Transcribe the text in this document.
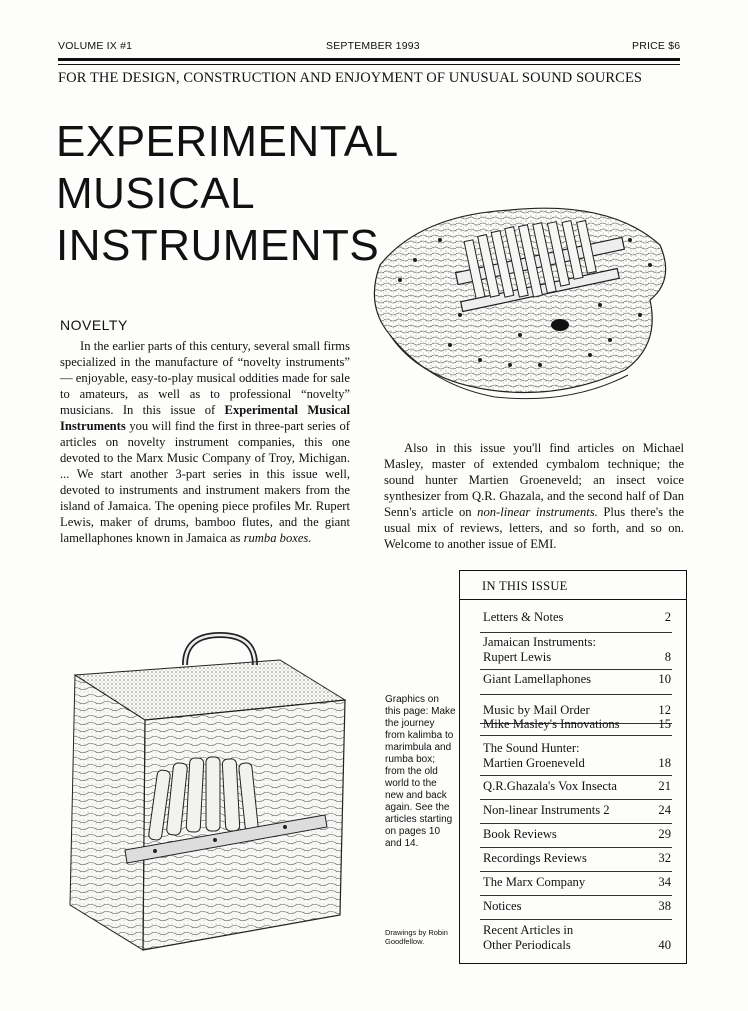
VOLUME IX #1	SEPTEMBER 1993	PRICE $6
FOR THE DESIGN, CONSTRUCTION AND ENJOYMENT OF UNUSUAL SOUND SOURCES
EXPERIMENTAL
MUSICAL
INSTRUMENTS
NOVELTY

In the earlier parts of this century, several small firms specialized in the manufacture of “novelty instruments” — enjoyable, easy-to-play musical oddities made for sale to amateurs, as well as to professional “novelty” musicians. In this issue of Experimental Musical Instruments you will find the first in three-part series of articles on novelty instrument companies, this one devoted to the Marx Music Company of Troy, Michigan. ... We start another 3-part series in this issue well, devoted to instruments and instrument makers from the island of Jamaica. The opening piece profiles Mr. Rupert Lewis, maker of drums, bamboo flutes, and the giant lamellaphones known in Jamaica as rumba boxes.

Also in this issue you'll find articles on Michael Masley, master of extended cymbalom technique; the sound hunter Martien Groeneveld; an insect voice synthesizer from Q.R. Ghazala, and the second half of Dan Senn's article on non-linear instruments. Plus there's the usual mix of reviews, letters, and so forth, and so on. Welcome to another issue of EMI.

Graphics on this page: Make the journey from kalimba to marimbula and rumba box; from the old world to the new and back again. See the articles starting on pages 10 and 14.

Drawings by Robin Goodfellow.

IN THIS ISSUE
Letters & Notes	2
Jamaican Instruments: Rupert Lewis	8
Giant Lamellaphones	10
Music by Mail Order	12
Mike Masley's Innovations	15
The Sound Hunter: Martien Groeneveld	18
Q.R.Ghazala's Vox Insecta	21
Non-linear Instruments 2	24
Book Reviews	29
Recordings Reviews	32
The Marx Company	34
Notices	38
Recent Articles in Other Periodicals	40
